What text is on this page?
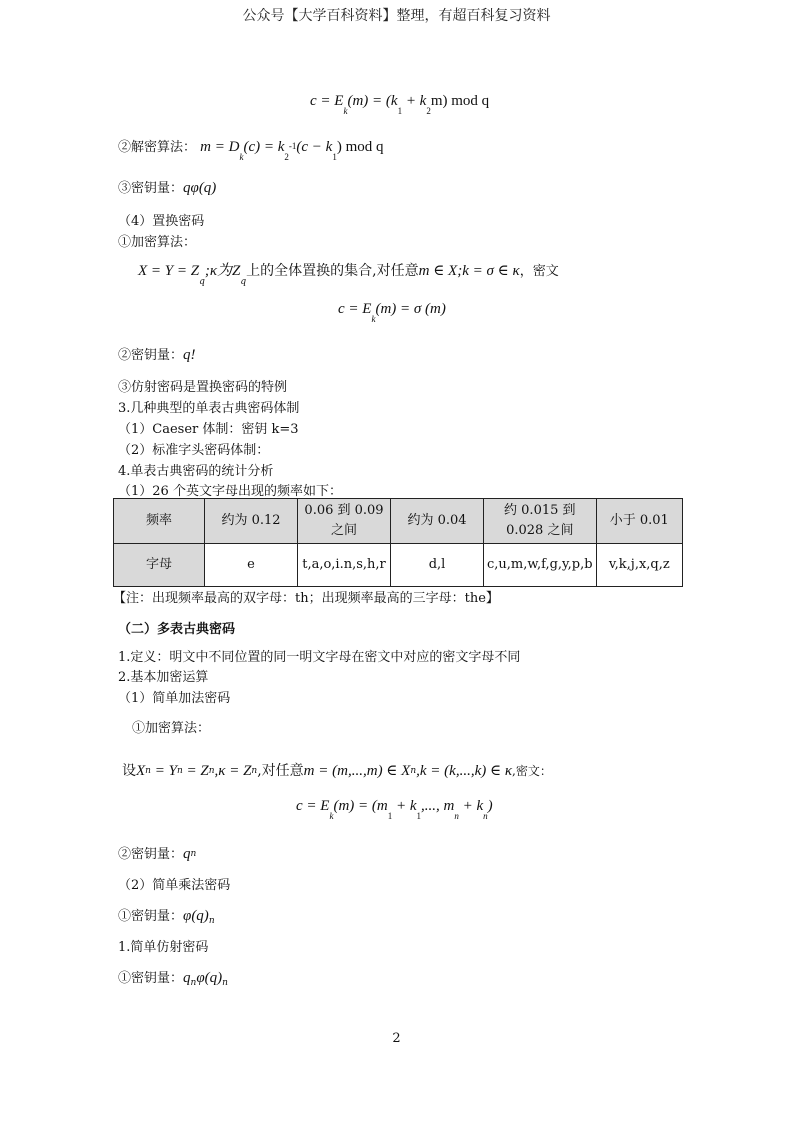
公众号【大学百科资料】整理，有超百科复习资料
$c = E_k(m) = (k_1 + k_2m)$ mod q
②解密算法： $m = D_k(c) = k_2-1(c - k_1)$ mod q
③密钥量：qφ(q)
（4）置换密码
①加密算法：
$X = Y = Z_q;\kappa$为$Z_q$上的全体置换的集合,对任意m ∈ X;k = σ ∈ κ，密文
$c = E_k(m) = \sigma$ (m)
②密钥量：q!
③仿射密码是置换密码的特例
3.几种典型的单表古典密码体制
（1）Caeser 体制：密钥 k=3
（2）标准字头密码体制：
4.单表古典密码的统计分析
（1）26 个英文字母出现的频率如下：
频率	约为 0.12	0.06 到 0.09 之间	约为 0.04	约 0.015 到 0.028 之间	小于 0.01
字母	e	t,a,o,i.n,s,h,r	d,l	c,u,m,w,f,g,y,p,b	v,k,j,x,q,z
【注：出现频率最高的双字母：th；出现频率最高的三字母：the】
（二）多表古典密码
1.定义：明文中不同位置的同一明文字母在密文中对应的密文字母不同
2.基本加密运算
（1）简单加法密码
①加密算法：
设Xn = Yn = Zn,κ = Zn,对任意m = (m,...,m) ∈ Xn,k = (k,...,k) ∈ κ,密文：
$c = E_k(m) = (m_1 + k_1$,..., $m_n + k_n$)
②密钥量：qn
（2）简单乘法密码
①密钥量：$\varphi(q)_n$
1.简单仿射密码
①密钥量：$q_n\varphi(q)_n$
2
